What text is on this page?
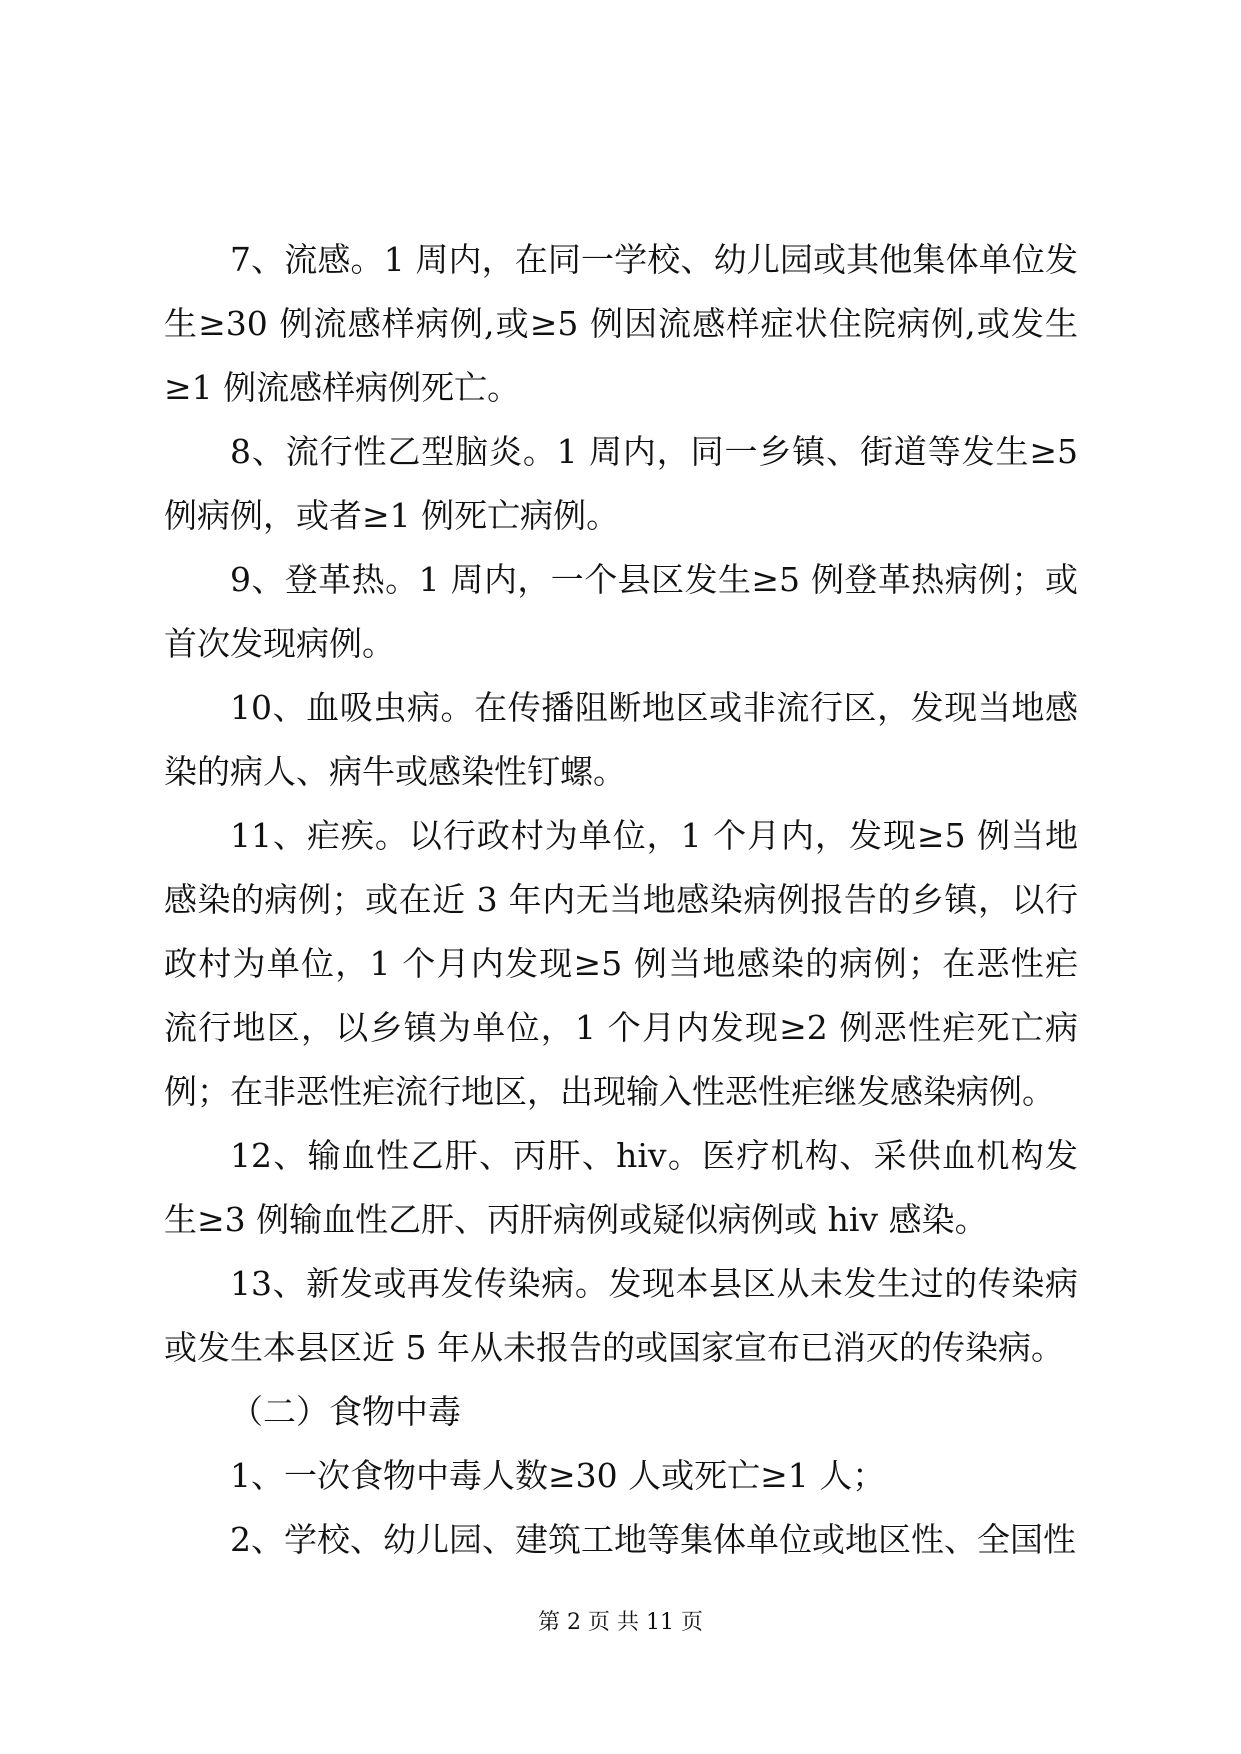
7、流感。1 周内，在同一学校、幼儿园或其他集体单位发生≥30 例流感样病例,或≥5 例因流感样症状住院病例,或发生≥1 例流感样病例死亡。

8、流行性乙型脑炎。1 周内，同一乡镇、街道等发生≥5 例病例，或者≥1 例死亡病例。

9、登革热。1 周内，一个县区发生≥5 例登革热病例；或首次发现病例。

10、血吸虫病。在传播阻断地区或非流行区，发现当地感染的病人、病牛或感染性钉螺。

11、疟疾。以行政村为单位，1 个月内，发现≥5 例当地感染的病例；或在近 3 年内无当地感染病例报告的乡镇，以行政村为单位，1 个月内发现≥5 例当地感染的病例；在恶性疟流行地区，以乡镇为单位，1 个月内发现≥2 例恶性疟死亡病例；在非恶性疟流行地区，出现输入性恶性疟继发感染病例。

12、输血性乙肝、丙肝、hiv。医疗机构、采供血机构发生≥3 例输血性乙肝、丙肝病例或疑似病例或 hiv 感染。

13、新发或再发传染病。发现本县区从未发生过的传染病或发生本县区近 5 年从未报告的或国家宣布已消灭的传染病。

（二）食物中毒

1、一次食物中毒人数≥30 人或死亡≥1 人；

2、学校、幼儿园、建筑工地等集体单位或地区性、全国性

第 2 页 共 11 页
